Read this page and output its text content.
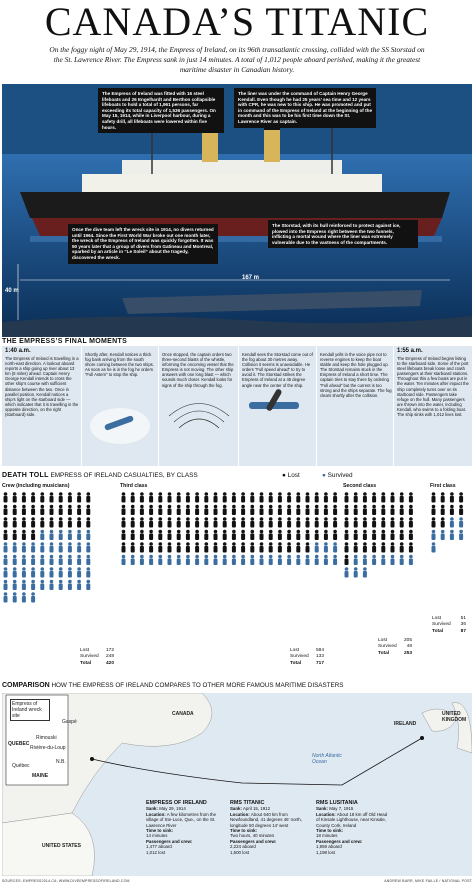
CANADA’S TITANIC
On the foggy night of May 29, 1914, the Empress of Ireland, on its 96th transatlantic crossing, collided with the SS Storstad on the St. Lawrence River. The Empress sank in just 14 minutes. A total of 1,012 people aboard perished, making it the greatest maritime disaster in Canadian history.
The Empress of Ireland was fitted with 16 steel lifeboats and 26 Engelhardt and Berthon collapsible lifeboats to hold a total of 1,961 persons, far exceeding its total capacity of 1,536 passengers. On May 15, 1914, while in Liverpool harbour, during a safety drill, all lifeboats were lowered within five hours.
The liner was under the command of Captain Henry George Kendall. Even though he had 25 years’ sea time and 12 years with CPR, he was new to this ship. He was promoted and put in command of the Empress of Ireland at the beginning of the month and this was to be his first time down the St. Lawrence River as captain.
The Storstad, with its hull reinforced to protect against ice, plowed into the Empress right between the two funnels, inflicting a mortal wound where the liner was extremely vulnerable due to the vastness of the compartments.
Once the dive team left the wreck site in 1914, no divers returned until 1964. Since the First World War broke out one month later, the wreck of the Empress of Ireland was quickly forgotten. It was 50 years later that a group of divers from Gatineau and Montreal, sparked by an article in “Le Soleil” about the tragedy, discovered the wreck.
167 m
40 m
THE EMPRESS’S FINAL MOMENTS
1:40 a.m.
The Empress of Ireland is travelling in a north-east direction. A lookout aboard reports a ship going up river about 13 km (8 miles) ahead. Captain Henry George Kendall intends to cross the other ship’s course with sufficient distance between the two. Once in parallel position, Kendall notices a ship’s light on the starboard side — which indicates that it is travelling in the opposite direction, on the right (starboard) side.
Shortly after, Kendall notices a thick fog bank arriving from the south shore coming between the two ships. As soon as he is in the fog he orders “Full Astern” to stop the ship.
Once stopped, the captain orders two three-second blasts of the whistle, informing the oncoming vessel that the Empress is not moving. The other ship answers with one long blast — which sounds much closer. Kendall looks for signs of the ship through the fog.
Kendall sees the Storstad come out of the fog about 30 metres away. Collision it seems is unavoidable. He orders “Full speed ahead” to try to avoid it. The Storstad strikes the Empress of Ireland at a 45 degree angle near the center of the ship.
Kendall yells in the voice pipe not to reverse engines to keep the boat stable and keep the hole plugged up. The Storstad remains stuck in the Empress of Ireland a short time. The captain tries to stay there by ordering “Full ahead” but the current is too strong and the ships separate. The fog clears shortly after the collision.
1:55 a.m.
The Empress of Ireland begins listing to the starboard side. Some of the port steel lifeboats break loose and crash passengers at their starboard stations. Throughout this a few boats are put in the water. Ten minutes after impact the ship completely turns over on its starboard side. Passengers take refuge on the hull. Many passengers are thrown into the water, including Kendall, who swims to a folding boat. The ship sinks with 1,012 lives lost.
DEATH TOLL EMPRESS OF IRELAND CASUALTIES, BY CLASS	● Lost	● Survived
Crew (including musicians)	Third class	Second class	First class
Lost	172
Survived 248
Total	420
Lost	584
Survived 133
Total	717
Lost	205
Survived 48
Total	253
Lost	51
Survived 36
Total	87
COMPARISON HOW THE EMPRESS OF IRELAND COMPARES TO OTHER MORE FAMOUS MARITIME DISASTERS
Empress of Ireland wreck site	CANADA
QUEBEC
Rimouski
Rivière-du-Loup
Gaspé
Québec
MAINE
N.B.
UNITED STATES
IRELAND
UNITED KINGDOM
North Atlantic Ocean
EMPRESS OF IRELAND
Sank: May 29, 1914
Location: A few kilometres from the village of Ste-Luce, Que., on the St. Lawrence River
Time to sink:
14 minutes
Passengers and crew:
1,477 aboard
1,012 lost
RMS TITANIC
Sank: April 15, 1912
Location: About 640 km from Newfoundland, 41 degrees 46′ north, longitude 50 degrees 14′ west
Time to sink:
Two hours, 40 minutes
Passengers and crew:
2,224 aboard
1,500 lost
RMS LUSITANIA
Sank: May 7, 1915
Location: About 18 km off Old Head of Kinsale Lighthouse, near Kinsale, County Cork, Ireland
Time to sink:
18 minutes
Passengers and crew:
1,959 aboard
1,198 lost
SOURCES: EMPRESS2014.CA; WWW.DIVEEMPRESSOFIRELAND.COM	ANDREW BARR, MIKE FAILLE / NATIONAL POST
